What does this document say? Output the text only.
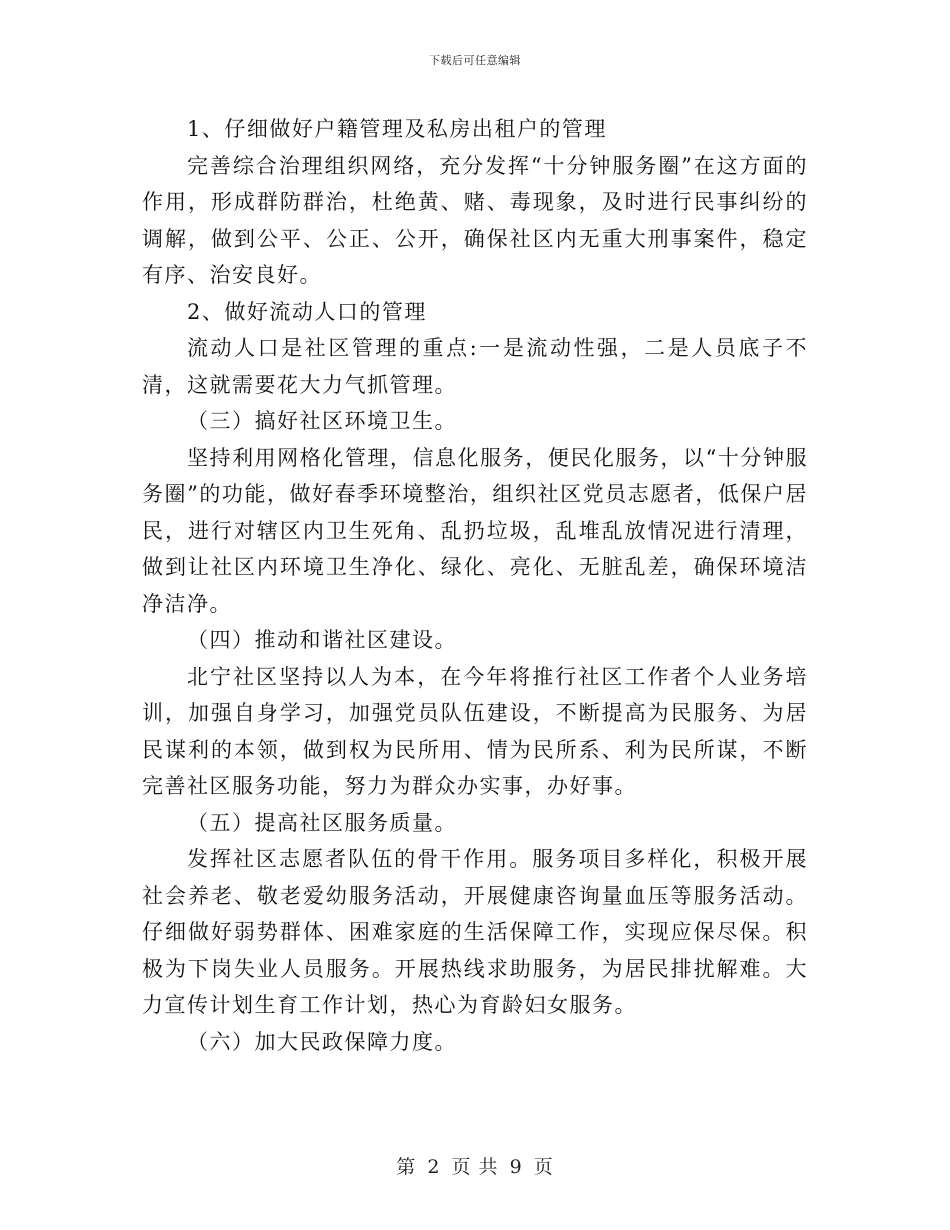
下载后可任意编辑

1、仔细做好户籍管理及私房出租户的管理

完善综合治理组织网络，充分发挥“十分钟服务圈”在这方面的作用，形成群防群治，杜绝黄、赌、毒现象，及时进行民事纠纷的调解，做到公平、公正、公开，确保社区内无重大刑事案件，稳定有序、治安良好。

2、做好流动人口的管理

流动人口是社区管理的重点:一是流动性强，二是人员底子不清，这就需要花大力气抓管理。

（三）搞好社区环境卫生。

坚持利用网格化管理，信息化服务，便民化服务，以“十分钟服务圈”的功能，做好春季环境整治，组织社区党员志愿者，低保户居民，进行对辖区内卫生死角、乱扔垃圾，乱堆乱放情况进行清理，做到让社区内环境卫生净化、绿化、亮化、无脏乱差，确保环境洁净洁净。

（四）推动和谐社区建设。

北宁社区坚持以人为本，在今年将推行社区工作者个人业务培训，加强自身学习，加强党员队伍建设，不断提高为民服务、为居民谋利的本领，做到权为民所用、情为民所系、利为民所谋，不断完善社区服务功能，努力为群众办实事，办好事。

（五）提高社区服务质量。

发挥社区志愿者队伍的骨干作用。服务项目多样化，积极开展社会养老、敬老爱幼服务活动，开展健康咨询量血压等服务活动。仔细做好弱势群体、困难家庭的生活保障工作，实现应保尽保。积极为下岗失业人员服务。开展热线求助服务，为居民排扰解难。大力宣传计划生育工作计划，热心为育龄妇女服务。

（六）加大民政保障力度。

第 2 页 共 9 页
